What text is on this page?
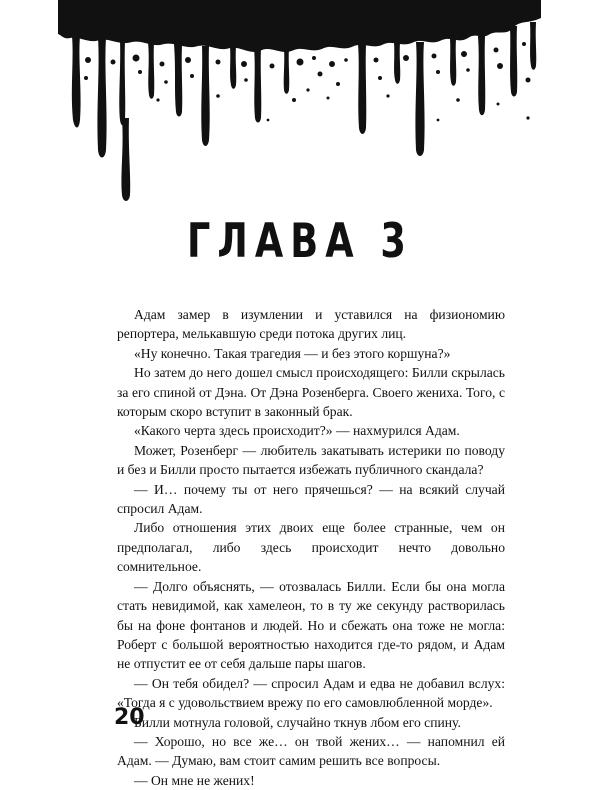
ГЛАВА 3

Адам замер в изумлении и уставился на физиономию репортера, мелькавшую среди потока других лиц.

«Ну конечно. Такая трагедия — и без этого коршуна?»

Но затем до него дошел смысл происходящего: Билли скрылась за его спиной от Дэна. От Дэна Розенберга. Своего жениха. Того, с которым скоро вступит в законный брак.

«Какого черта здесь происходит?» — нахмурился Адам.

Может, Розенберг — любитель закатывать истерики по поводу и без и Билли просто пытается избежать публичного скандала?

— И… почему ты от него прячешься? — на всякий случай спросил Адам.

Либо отношения этих двоих еще более странные, чем он предполагал, либо здесь происходит нечто довольно сомнительное.

— Долго объяснять, — отозвалась Билли. Если бы она могла стать невидимой, как хамелеон, то в ту же секунду растворилась бы на фоне фонтанов и людей. Но и сбежать она тоже не могла: Роберт с большой вероятностью находится где-то рядом, и Адам не отпустит ее от себя дальше пары шагов.

— Он тебя обидел? — спросил Адам и едва не добавил вслух: «Тогда я с удовольствием врежу по его самовлюбленной морде».

Билли мотнула головой, случайно ткнув лбом его спину.

— Хорошо, но все же… он твой жених… — напомнил ей Адам. — Думаю, вам стоит самим решить все вопросы.

— Он мне не жених!

20
